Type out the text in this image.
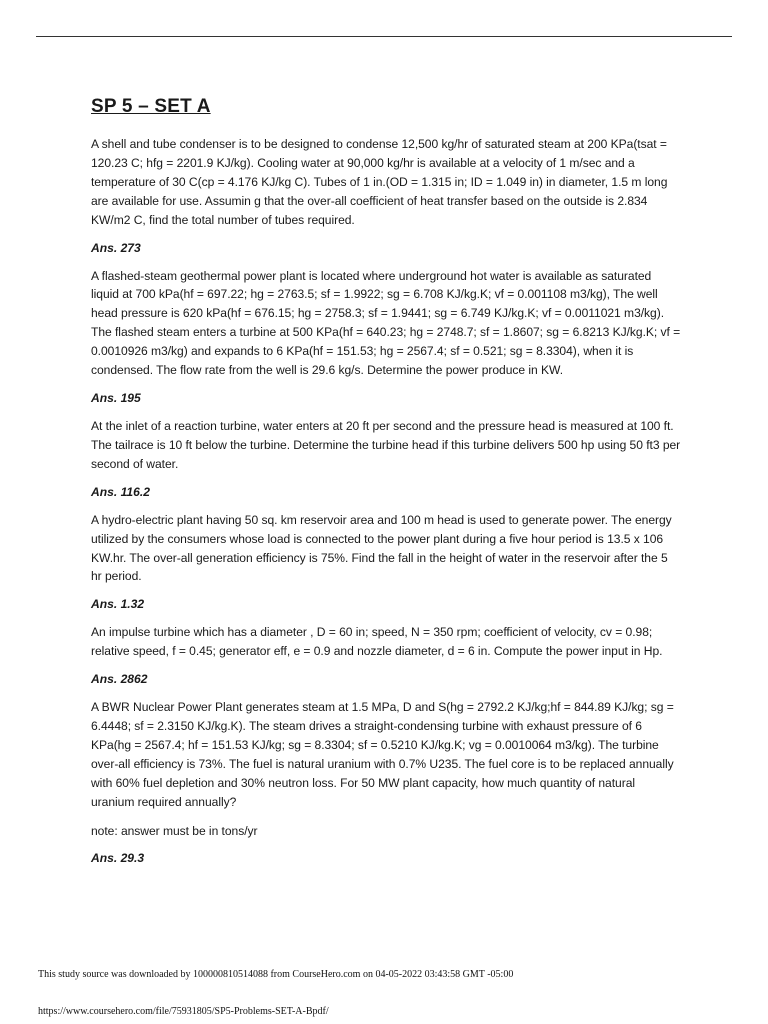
SP 5 – SET A

A shell and tube condenser is to be designed to condense 12,500 kg/hr of saturated steam at 200 KPa(tsat = 120.23 C; hfg = 2201.9 KJ/kg). Cooling water at 90,000 kg/hr is available at a velocity of 1 m/sec and a temperature of 30 C(cp = 4.176 KJ/kg C). Tubes of 1 in.(OD = 1.315 in; ID = 1.049 in) in diameter, 1.5 m long are available for use. Assumin g that the over-all coefficient of heat transfer based on the outside is 2.834 KW/m2 C, find the total number of tubes required.

Ans. 273

A flashed-steam geothermal power plant is located where underground hot water is available as saturated liquid at 700 kPa(hf = 697.22; hg = 2763.5; sf = 1.9922; sg = 6.708 KJ/kg.K; vf = 0.001108 m3/kg), The well head pressure is 620 kPa(hf = 676.15; hg = 2758.3; sf = 1.9441; sg = 6.749 KJ/kg.K; vf = 0.0011021 m3/kg). The flashed steam enters a turbine at 500 KPa(hf = 640.23; hg = 2748.7; sf = 1.8607; sg = 6.8213 KJ/kg.K; vf = 0.0010926 m3/kg) and expands to 6 KPa(hf = 151.53; hg = 2567.4; sf = 0.521; sg = 8.3304), when it is condensed. The flow rate from the well is 29.6 kg/s. Determine the power produce in KW.

Ans. 195

At the inlet of a reaction turbine, water enters at 20 ft per second and the pressure head is measured at 100 ft. The tailrace is 10 ft below the turbine. Determine the turbine head if this turbine delivers 500 hp using 50 ft3 per second of water.

Ans. 116.2

A hydro-electric plant having 50 sq. km reservoir area and 100 m head is used to generate power. The energy utilized by the consumers whose load is connected to the power plant during a five hour period is 13.5 x 106 KW.hr. The over-all generation efficiency is 75%. Find the fall in the height of water in the reservoir after the 5 hr period.

Ans. 1.32

An impulse turbine which has a diameter , D = 60 in; speed, N = 350 rpm; coefficient of velocity, cv = 0.98; relative speed, f = 0.45; generator eff, e = 0.9 and nozzle diameter, d = 6 in. Compute the power input in Hp.

Ans. 2862

A BWR Nuclear Power Plant generates steam at 1.5 MPa, D and S(hg = 2792.2 KJ/kg;hf = 844.89 KJ/kg; sg = 6.4448; sf = 2.3150 KJ/kg.K). The steam drives a straight-condensing turbine with exhaust pressure of 6 KPa(hg = 2567.4; hf = 151.53 KJ/kg; sg = 8.3304; sf = 0.5210 KJ/kg.K; vg = 0.0010064 m3/kg). The turbine over-all efficiency is 73%. The fuel is natural uranium with 0.7% U235. The fuel core is to be replaced annually with 60% fuel depletion and 30% neutron loss. For 50 MW plant capacity, how much quantity of natural uranium required annually?

note: answer must be in tons/yr

Ans. 29.3

This study source was downloaded by 100000810514088 from CourseHero.com on 04-05-2022 03:43:58 GMT -05:00
https://www.coursehero.com/file/75931805/SP5-Problems-SET-A-Bpdf/
